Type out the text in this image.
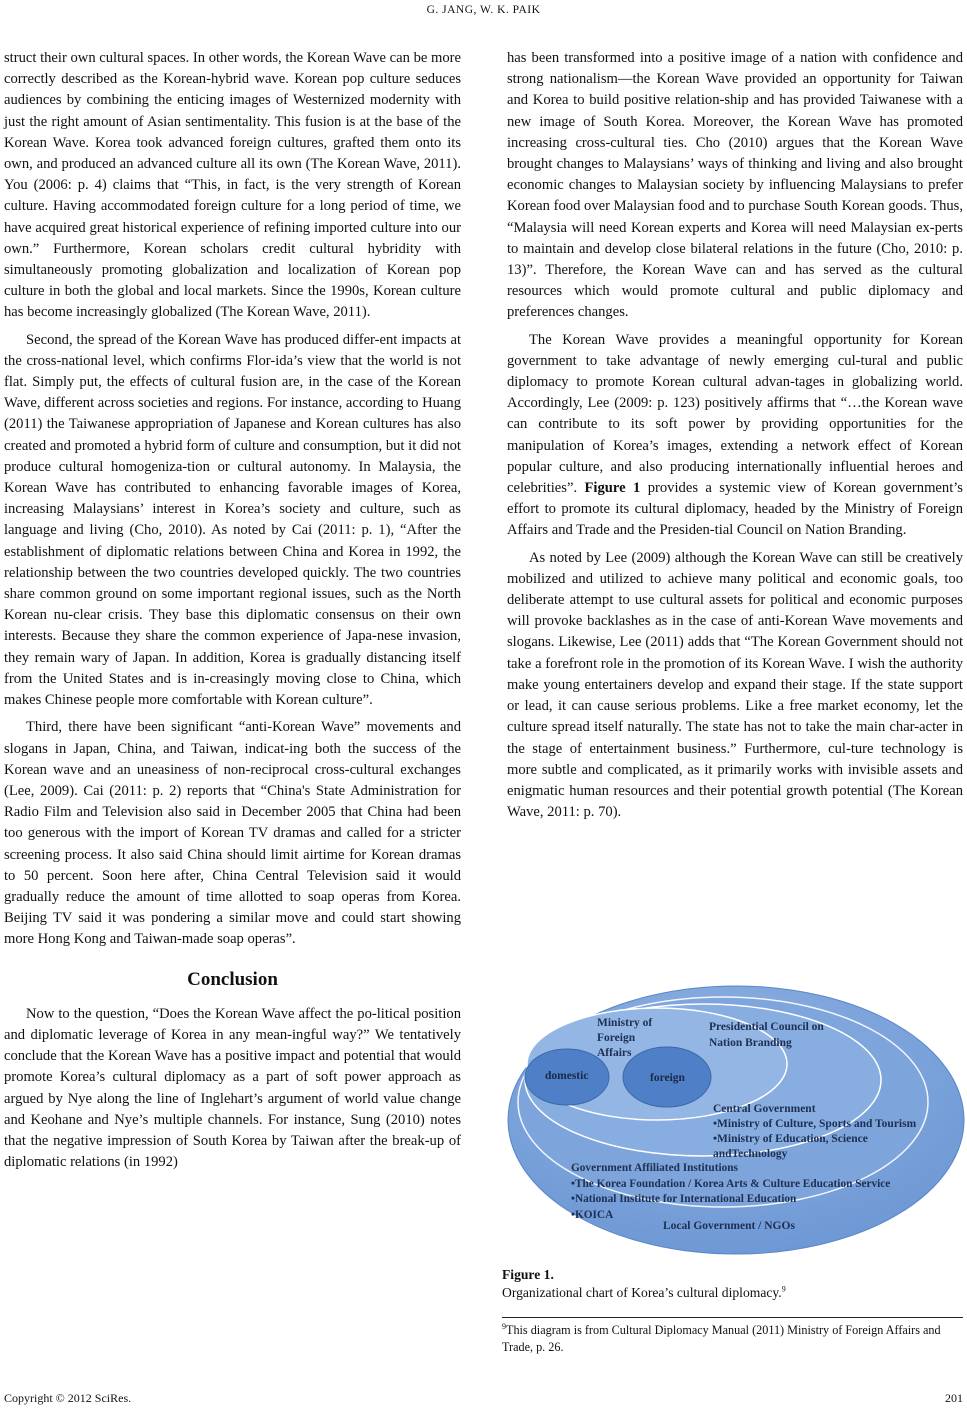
G. JANG, W. K. PAIK

struct their own cultural spaces. In other words, the Korean Wave can be more correctly described as the Korean-hybrid wave. Korean pop culture seduces audiences by combining the enticing images of Westernized modernity with just the right amount of Asian sentimentality. This fusion is at the base of the Korean Wave. Korea took advanced foreign cultures, grafted them onto its own, and produced an advanced culture all its own (The Korean Wave, 2011). You (2006: p. 4) claims that “This, in fact, is the very strength of Korean culture. Having accommodated foreign culture for a long period of time, we have acquired great historical experience of refining imported culture into our own.” Furthermore, Korean scholars credit cultural hybridity with simultaneously promoting globalization and localization of Korean pop culture in both the global and local markets. Since the 1990s, Korean culture has become increasingly globalized (The Korean Wave, 2011).

Second, the spread of the Korean Wave has produced differ-ent impacts at the cross-national level, which confirms Flor-ida’s view that the world is not flat. Simply put, the effects of cultural fusion are, in the case of the Korean Wave, different across societies and regions. For instance, according to Huang (2011) the Taiwanese appropriation of Japanese and Korean cultures has also created and promoted a hybrid form of culture and consumption, but it did not produce cultural homogeniza-tion or cultural autonomy. In Malaysia, the Korean Wave has contributed to enhancing favorable images of Korea, increasing Malaysians’ interest in Korea’s society and culture, such as language and living (Cho, 2010). As noted by Cai (2011: p. 1), “After the establishment of diplomatic relations between China and Korea in 1992, the relationship between the two countries developed quickly. The two countries share common ground on some important regional issues, such as the North Korean nu-clear crisis. They base this diplomatic consensus on their own interests. Because they share the common experience of Japa-nese invasion, they remain wary of Japan. In addition, Korea is gradually distancing itself from the United States and is in-creasingly moving close to China, which makes Chinese people more comfortable with Korean culture”.

Third, there have been significant “anti-Korean Wave” movements and slogans in Japan, China, and Taiwan, indicat-ing both the success of the Korean wave and an uneasiness of non-reciprocal cross-cultural exchanges (Lee, 2009). Cai (2011: p. 2) reports that “China's State Administration for Radio Film and Television also said in December 2005 that China had been too generous with the import of Korean TV dramas and called for a stricter screening process. It also said China should limit airtime for Korean dramas to 50 percent. Soon here after, China Central Television said it would gradually reduce the amount of time allotted to soap operas from Korea. Beijing TV said it was pondering a similar move and could start showing more Hong Kong and Taiwan-made soap operas”.

Conclusion

Now to the question, “Does the Korean Wave affect the po-litical position and diplomatic leverage of Korea in any mean-ingful way?” We tentatively conclude that the Korean Wave has a positive impact and potential that would promote Korea’s cultural diplomacy as a part of soft power approach as argued by Nye along the line of Inglehart’s argument of world value change and Keohane and Nye’s multiple channels. For instance, Sung (2010) notes that the negative impression of South Korea by Taiwan after the break-up of diplomatic relations (in 1992)

has been transformed into a positive image of a nation with confidence and strong nationalism—the Korean Wave provided an opportunity for Taiwan and Korea to build positive relation-ship and has provided Taiwanese with a new image of South Korea. Moreover, the Korean Wave has promoted increasing cross-cultural ties. Cho (2010) argues that the Korean Wave brought changes to Malaysians’ ways of thinking and living and also brought economic changes to Malaysian society by influencing Malaysians to prefer Korean food over Malaysian food and to purchase South Korean goods. Thus, “Malaysia will need Korean experts and Korea will need Malaysian ex-perts to maintain and develop close bilateral relations in the future (Cho, 2010: p. 13)”. Therefore, the Korean Wave can and has served as the cultural resources which would promote cultural and public diplomacy and preferences changes.

The Korean Wave provides a meaningful opportunity for Korean government to take advantage of newly emerging cul-tural and public diplomacy to promote Korean cultural advan-tages in globalizing world. Accordingly, Lee (2009: p. 123) positively affirms that “…the Korean wave can contribute to its soft power by providing opportunities for the manipulation of Korea’s images, extending a network effect of Korean popular culture, and also producing internationally influential heroes and celebrities”. Figure 1 provides a systemic view of Korean government’s effort to promote its cultural diplomacy, headed by the Ministry of Foreign Affairs and Trade and the Presiden-tial Council on Nation Branding.

As noted by Lee (2009) although the Korean Wave can still be creatively mobilized and utilized to achieve many political and economic goals, too deliberate attempt to use cultural assets for political and economic purposes will provoke backlashes as in the case of anti-Korean Wave movements and slogans. Likewise, Lee (2011) adds that “The Korean Government should not take a forefront role in the promotion of its Korean Wave. I wish the authority make young entertainers develop and expand their stage. If the state support or lead, it can cause serious problems. Like a free market economy, let the culture spread itself naturally. The state has not to take the main char-acter in the stage of entertainment business.” Furthermore, cul-ture technology is more subtle and complicated, as it primarily works with invisible assets and enigmatic human resources and their potential growth potential (The Korean Wave, 2011: p. 70).

Ministry of
Foreign
Affairs
Presidential Council on
Nation Branding
domestic	foreign
Central Government
•Ministry of Culture, Sports and Tourism
•Ministry of Education, Science
andTechnology
Government Affiliated Institutions
•The Korea Foundation / Korea Arts & Culture Education Service
•National Institute for International Education
•KOICA
Local Government / NGOs
Figure 1.
Organizational chart of Korea’s cultural diplomacy.$^9$
$^9$This diagram is from Cultural Diplomacy Manual (2011) Ministry of Foreign Affairs and Trade, p. 26.
Copyright © 2012 SciRes.	201
